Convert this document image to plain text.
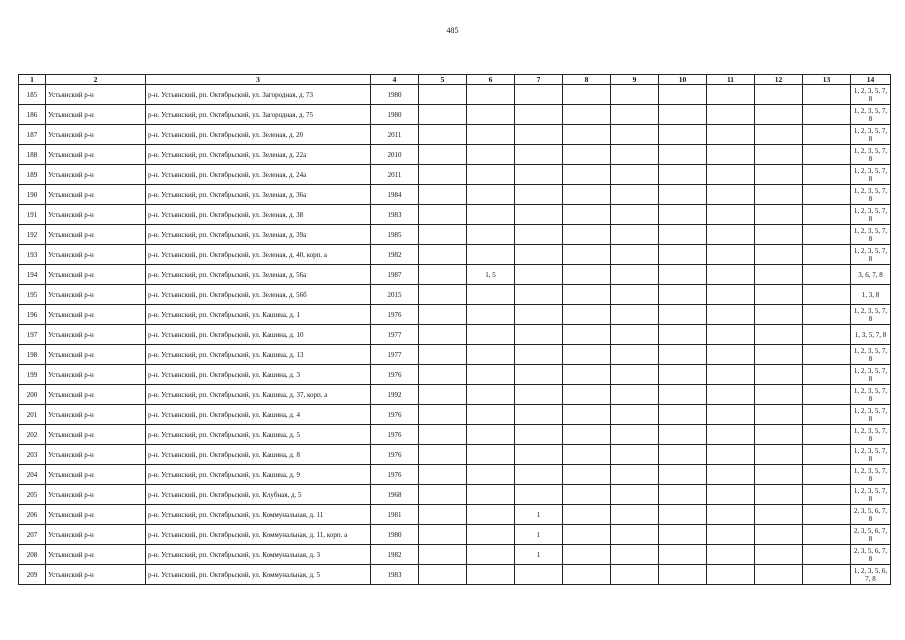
485
1	2	3	4	5	6	7	8	9	10	11	12	13	14
185	Устьянский р-н	р-н. Устьянский, рп. Октябрьский, ул. Загородная, д. 73	1980										1, 2, 3, 5, 7, 8
186	Устьянский р-н	р-н. Устьянский, рп. Октябрьский, ул. Загородная, д. 75	1980										1, 2, 3, 5, 7, 8
187	Устьянский р-н	р-н. Устьянский, рп. Октябрьский, ул. Зеленая, д. 20	2011										1, 2, 3, 5, 7, 8
188	Устьянский р-н	р-н. Устьянский, рп. Октябрьский, ул. Зеленая, д. 22а	2010										1, 2, 3, 5, 7, 8
189	Устьянский р-н	р-н. Устьянский, рп. Октябрьский, ул. Зеленая, д. 24а	2011										1, 2, 3, 5, 7, 8
190	Устьянский р-н	р-н. Устьянский, рп. Октябрьский, ул. Зеленая, д. 36а	1984										1, 2, 3, 5, 7, 8
191	Устьянский р-н	р-н. Устьянский, рп. Октябрьский, ул. Зеленая, д. 38	1983										1, 2, 3, 5, 7, 8
192	Устьянский р-н	р-н. Устьянский, рп. Октябрьский, ул. Зеленая, д. 39а	1985										1, 2, 3, 5, 7, 8
193	Устьянский р-н	р-н. Устьянский, рп. Октябрьский, ул. Зеленая, д. 40, корп. а	1982										1, 2, 3, 5, 7, 8
194	Устьянский р-н	р-н. Устьянский, рп. Октябрьский, ул. Зеленая, д. 56а	1987		1, 5								3, 6, 7, 8
195	Устьянский р-н	р-н. Устьянский, рп. Октябрьский, ул. Зеленая, д. 56б	2015										1, 3, 8
196	Устьянский р-н	р-н. Устьянский, рп. Октябрьский, ул. Кашина, д. 1	1976										1, 2, 3, 5, 7, 8
197	Устьянский р-н	р-н. Устьянский, рп. Октябрьский, ул. Кашина, д. 10	1977										1, 3, 5, 7, 8
198	Устьянский р-н	р-н. Устьянский, рп. Октябрьский, ул. Кашина, д. 13	1977										1, 2, 3, 5, 7, 8
199	Устьянский р-н	р-н. Устьянский, рп. Октябрьский, ул. Кашина, д. 3	1976										1, 2, 3, 5, 7, 8
200	Устьянский р-н	р-н. Устьянский, рп. Октябрьский, ул. Кашина, д. 37, корп. а	1992										1, 2, 3, 5, 7, 8
201	Устьянский р-н	р-н. Устьянский, рп. Октябрьский, ул. Кашина, д. 4	1976										1, 2, 3, 5, 7, 8
202	Устьянский р-н	р-н. Устьянский, рп. Октябрьский, ул. Кашина, д. 5	1976										1, 2, 3, 5, 7, 8
203	Устьянский р-н	р-н. Устьянский, рп. Октябрьский, ул. Кашина, д. 8	1976										1, 2, 3, 5, 7, 8
204	Устьянский р-н	р-н. Устьянский, рп. Октябрьский, ул. Кашина, д. 9	1976										1, 2, 3, 5, 7, 8
205	Устьянский р-н	р-н. Устьянский, рп. Октябрьский, ул. Клубная, д. 5	1968										1, 2, 3, 5, 7, 8
206	Устьянский р-н	р-н. Устьянский, рп. Октябрьский, ул. Коммунальная, д. 11	1981			1							2, 3, 5, 6, 7, 8
207	Устьянский р-н	р-н. Устьянский, рп. Октябрьский, ул. Коммунальная, д. 11, корп. а	1980			1							2, 3, 5, 6, 7, 8
208	Устьянский р-н	р-н. Устьянский, рп. Октябрьский, ул. Коммунальная, д. 3	1982			1							2, 3, 5, 6, 7, 8
209	Устьянский р-н	р-н. Устьянский, рп. Октябрьский, ул. Коммунальная, д. 5	1983										1, 2, 3, 5, 6, 7, 8
